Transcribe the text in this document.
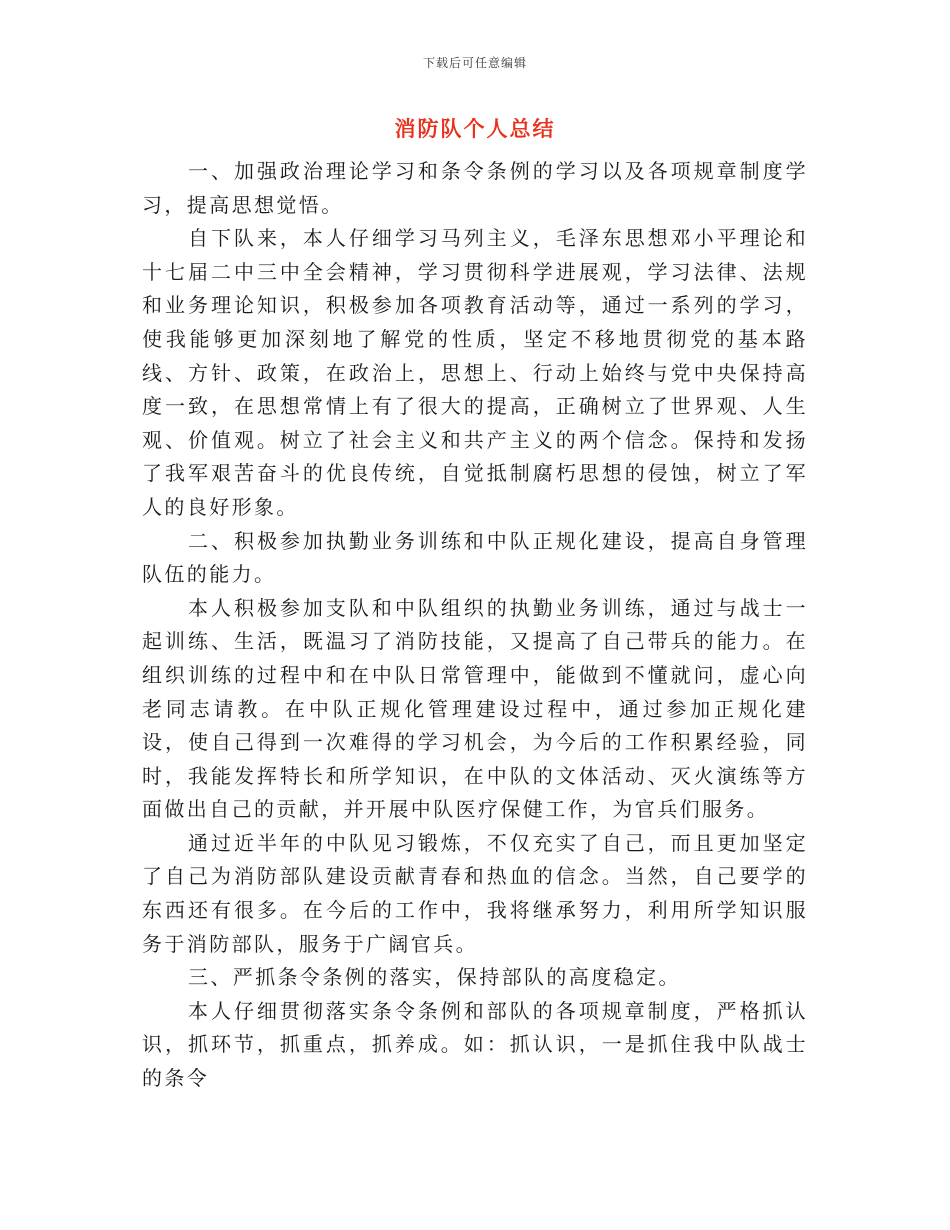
下载后可任意编辑
消防队个人总结

一、加强政治理论学习和条令条例的学习以及各项规章制度学习，提高思想觉悟。

自下队来，本人仔细学习马列主义，毛泽东思想邓小平理论和十七届二中三中全会精神，学习贯彻科学进展观，学习法律、法规和业务理论知识，积极参加各项教育活动等，通过一系列的学习，使我能够更加深刻地了解党的性质，坚定不移地贯彻党的基本路线、方针、政策，在政治上，思想上、行动上始终与党中央保持高度一致，在思想常情上有了很大的提高，正确树立了世界观、人生观、价值观。树立了社会主义和共产主义的两个信念。保持和发扬了我军艰苦奋斗的优良传统，自觉抵制腐朽思想的侵蚀，树立了军人的良好形象。

二、积极参加执勤业务训练和中队正规化建设，提高自身管理队伍的能力。

本人积极参加支队和中队组织的执勤业务训练，通过与战士一起训练、生活，既温习了消防技能，又提高了自己带兵的能力。在组织训练的过程中和在中队日常管理中，能做到不懂就问，虚心向老同志请教。在中队正规化管理建设过程中，通过参加正规化建设，使自己得到一次难得的学习机会，为今后的工作积累经验，同时，我能发挥特长和所学知识，在中队的文体活动、灭火演练等方面做出自己的贡献，并开展中队医疗保健工作，为官兵们服务。

通过近半年的中队见习锻炼，不仅充实了自己，而且更加坚定了自己为消防部队建设贡献青春和热血的信念。当然，自己要学的东西还有很多。在今后的工作中，我将继承努力，利用所学知识服务于消防部队，服务于广阔官兵。

三、严抓条令条例的落实，保持部队的高度稳定。

本人仔细贯彻落实条令条例和部队的各项规章制度，严格抓认识，抓环节，抓重点，抓养成。如：抓认识，一是抓住我中队战士的条令
